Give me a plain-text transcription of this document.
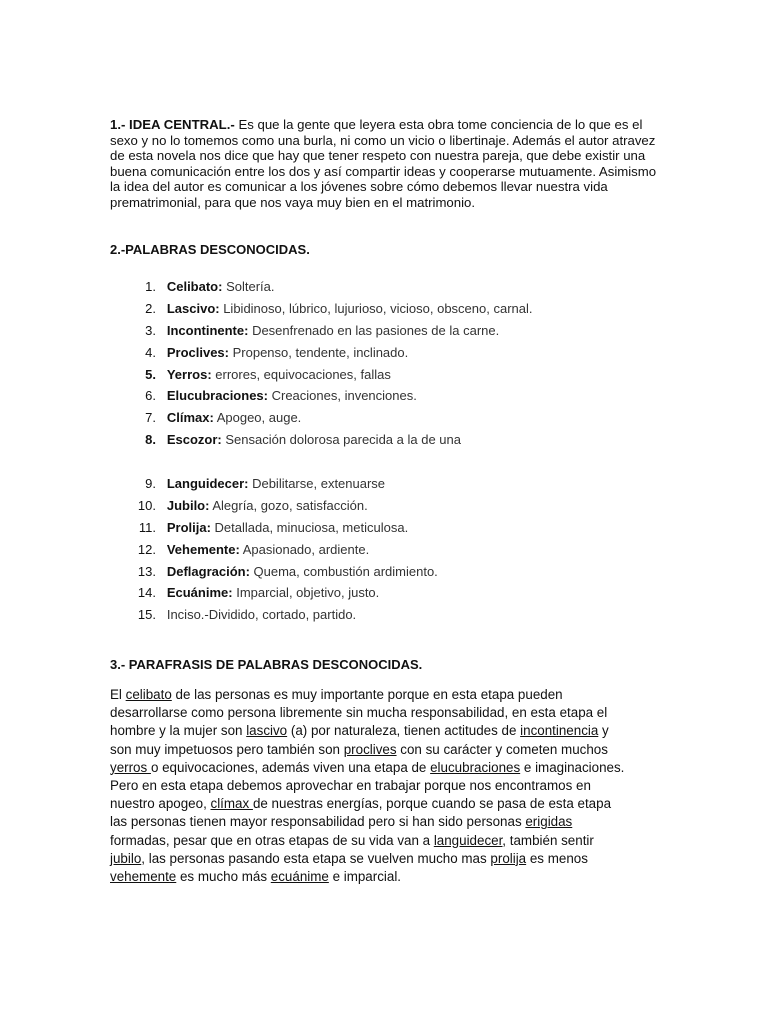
1.- IDEA CENTRAL.- Es que la gente que leyera esta obra tome conciencia de lo que es el sexo y no lo tomemos como una burla, ni como un vicio o libertinaje. Además el autor atravez de esta novela nos dice que hay que tener respeto con nuestra pareja, que debe existir una buena comunicación entre los dos y así compartir ideas y cooperarse mutuamente. Asimismo la idea del autor es comunicar a los jóvenes sobre cómo debemos llevar nuestra vida prematrimonial, para que nos vaya muy bien en el matrimonio.

2.-PALABRAS DESCONOCIDAS.

1. Celibato: Soltería.
2. Lascivo: Libidinoso, lúbrico, lujurioso, vicioso, obsceno, carnal.
3. Incontinente: Desenfrenado en las pasiones de la carne.
4. Proclives: Propenso, tendente, inclinado.
5. Yerros: errores, equivocaciones, fallas
6. Elucubraciones: Creaciones, invenciones.
7. Clímax: Apogeo, auge.
8. Escozor: Sensación dolorosa parecida a la de una
9. Languidecer: Debilitarse, extenuarse
10. Jubilo: Alegría, gozo, satisfacción.
11. Prolija: Detallada, minuciosa, meticulosa.
12. Vehemente: Apasionado, ardiente.
13. Deflagración: Quema, combustión ardimiento.
14. Ecuánime: Imparcial, objetivo, justo.
15. Inciso.-Dividido, cortado, partido.

3.- PARAFRASIS DE PALABRAS DESCONOCIDAS.

El celibato de las personas es muy importante porque en esta etapa pueden desarrollarse como persona libremente sin mucha responsabilidad, en esta etapa el hombre y la mujer son lascivo (a) por naturaleza, tienen actitudes de incontinencia y son muy impetuosos pero también son proclives con su carácter y cometen muchos yerros o equivocaciones, además viven una etapa de elucubraciones e imaginaciones. Pero en esta etapa debemos aprovechar en trabajar porque nos encontramos en nuestro apogeo, clímax de nuestras energías, porque cuando se pasa de esta etapa las personas tienen mayor responsabilidad pero si han sido personas erigidas formadas, pesar que en otras etapas de su vida van a languidecer, también sentir jubilo, las personas pasando esta etapa se vuelven mucho mas prolija es menos vehemente es mucho más ecuánime e imparcial.
